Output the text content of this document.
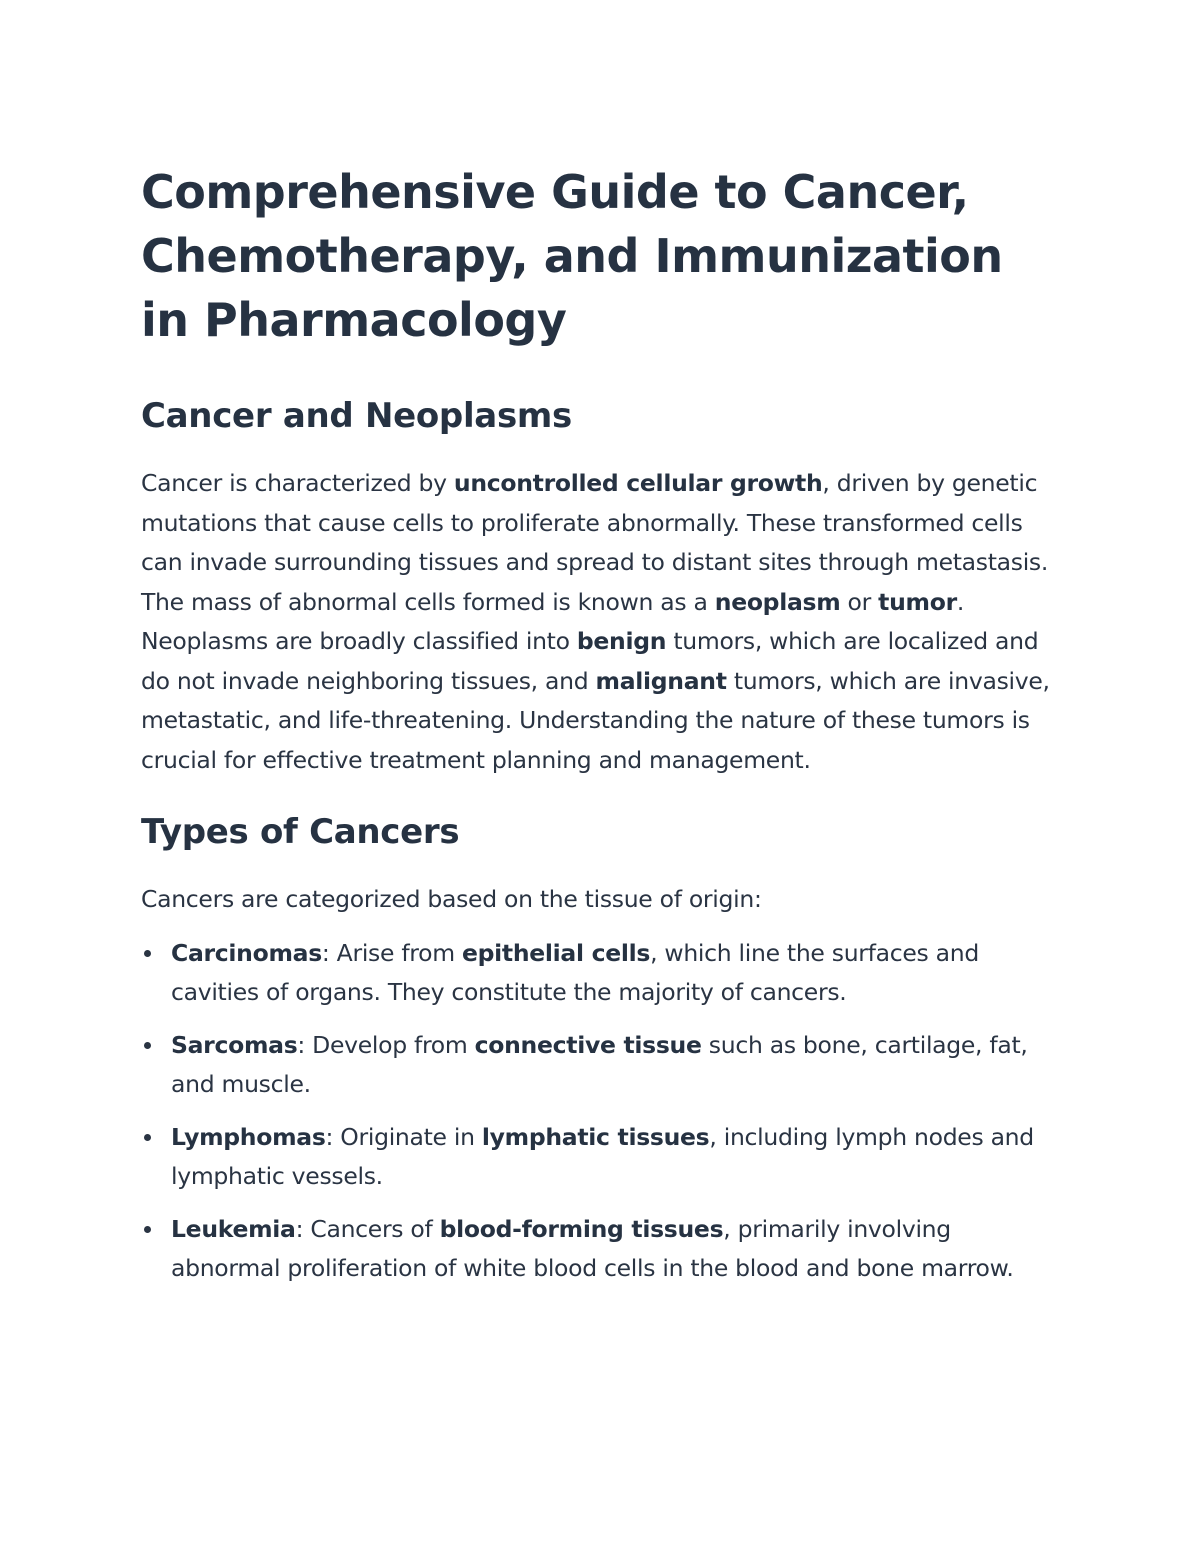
Comprehensive Guide to Cancer, Chemotherapy, and Immunization in Pharmacology
Cancer and Neoplasms

Cancer is characterized by uncontrolled cellular growth, driven by genetic mutations that cause cells to proliferate abnormally. These transformed cells can invade surrounding tissues and spread to distant sites through metastasis. The mass of abnormal cells formed is known as a neoplasm or tumor. Neoplasms are broadly classified into benign tumors, which are localized and do not invade neighboring tissues, and malignant tumors, which are invasive, metastatic, and life-threatening. Understanding the nature of these tumors is crucial for effective treatment planning and management.

Types of Cancers

Cancers are categorized based on the tissue of origin:

Carcinomas: Arise from epithelial cells, which line the surfaces and cavities of organs. They constitute the majority of cancers.
Sarcomas: Develop from connective tissue such as bone, cartilage, fat, and muscle.
Lymphomas: Originate in lymphatic tissues, including lymph nodes and lymphatic vessels.
Leukemia: Cancers of blood-forming tissues, primarily involving abnormal proliferation of white blood cells in the blood and bone marrow.
